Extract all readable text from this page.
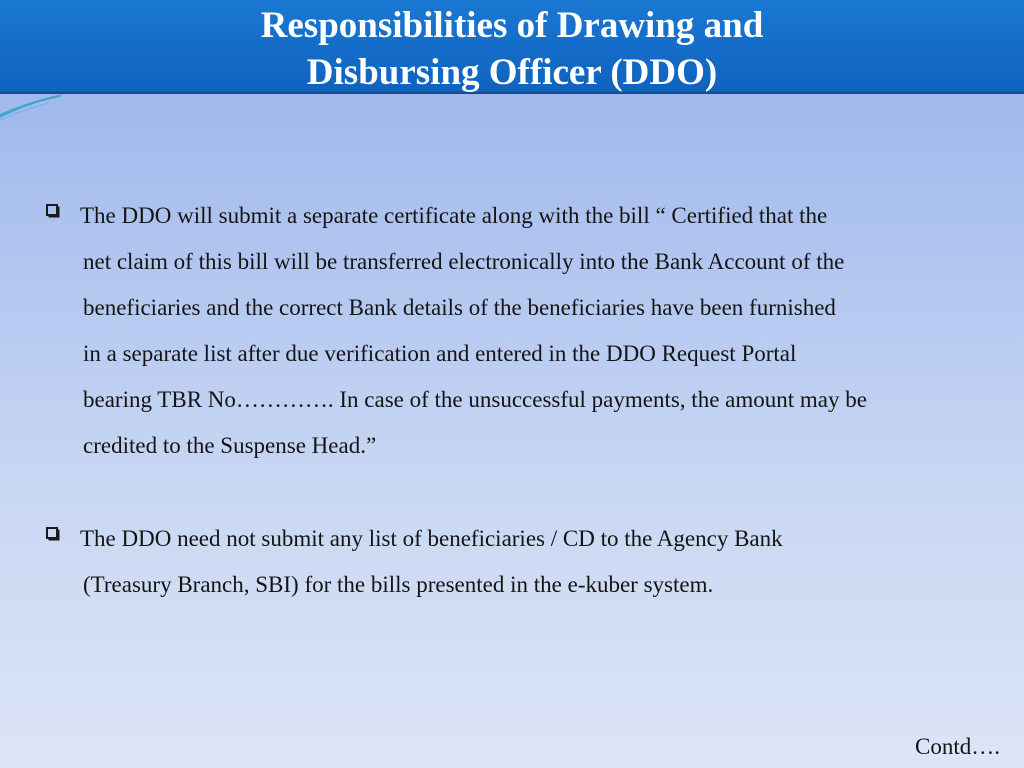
Responsibilities of Drawing and
Disbursing Officer (DDO)
The DDO will submit a separate certificate along with the bill “ Certified that the
net claim of this bill will be transferred electronically into the Bank Account of the
beneficiaries and the correct Bank details of the beneficiaries have been furnished
in a separate list after due verification and entered in the DDO Request Portal
bearing TBR No…………. In case of the unsuccessful payments, the amount may be
credited to the Suspense Head.”
The DDO need not submit any list of beneficiaries / CD to the Agency Bank
(Treasury Branch, SBI) for the bills presented in the e-kuber system.
Contd….
